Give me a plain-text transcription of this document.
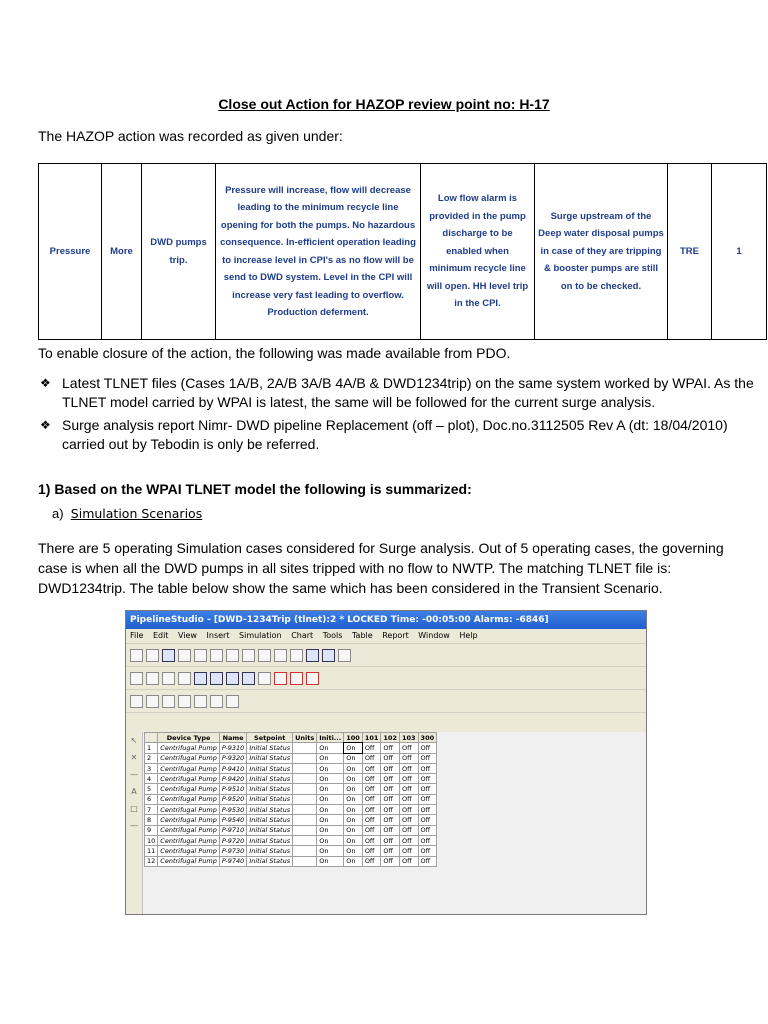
Close out Action for HAZOP review point no: H-17
The HAZOP action was recorded as given under:
Pressure	More	DWD pumps trip.	Pressure will increase, flow will decrease leading to the minimum recycle line opening for both the pumps. No hazardous consequence. In-efficient operation leading to increase level in CPI's as no flow will be send to DWD system. Level in the CPI will increase very fast leading to overflow. Production deferment.	Low flow alarm is provided in the pump discharge to be enabled when minimum recycle line will open. HH level trip in the CPI.	Surge upstream of the Deep water disposal pumps in case of they are tripping & booster pumps are still on to be checked.	TRE	1
To enable closure of the action, the following was made available from PDO.
❖ Latest TLNET files (Cases 1A/B, 2A/B 3A/B 4A/B & DWD1234trip) on the same system worked by WPAI. As the TLNET model carried by WPAI is latest, the same will be followed for the current surge analysis.
❖ Surge analysis report Nimr- DWD pipeline Replacement (off – plot), Doc.no.3112505 Rev A (dt: 18/04/2010) carried out by Tebodin is only be referred.
1) Based on the WPAI TLNET model the following is summarized:
a) Simulation Scenarios
There are 5 operating Simulation cases considered for Surge analysis. Out of 5 operating cases, the governing case is when all the DWD pumps in all sites tripped with no flow to NWTP. The matching TLNET file is: DWD1234trip. The table below show the same which has been considered in the Transient Scenario.
PipelineStudio - [DWD-1234Trip (tlnet):2 * LOCKED Time: -00:05:00 Alarms: -6846]
File Edit View Insert Simulation Chart Tools Table Report Window Help
↖
✕
—
A
□
—
	Device Type	Name	Setpoint	Units	Initi...	100	101	102	103	300
1	Centrifugal Pump	P-9310	Initial Status		On	On	Off	Off	Off	Off
2	Centrifugal Pump	P-9320	Initial Status		On	On	Off	Off	Off	Off
3	Centrifugal Pump	P-9410	Initial Status		On	On	Off	Off	Off	Off
4	Centrifugal Pump	P-9420	Initial Status		On	On	Off	Off	Off	Off
5	Centrifugal Pump	P-9510	Initial Status		On	On	Off	Off	Off	Off
6	Centrifugal Pump	P-9520	Initial Status		On	On	Off	Off	Off	Off
7	Centrifugal Pump	P-9530	Initial Status		On	On	Off	Off	Off	Off
8	Centrifugal Pump	P-9540	Initial Status		On	On	Off	Off	Off	Off
9	Centrifugal Pump	P-9710	Initial Status		On	On	Off	Off	Off	Off
10	Centrifugal Pump	P-9720	Initial Status		On	On	Off	Off	Off	Off
11	Centrifugal Pump	P-9730	Initial Status		On	On	Off	Off	Off	Off
12	Centrifugal Pump	P-9740	Initial Status		On	On	Off	Off	Off	Off
